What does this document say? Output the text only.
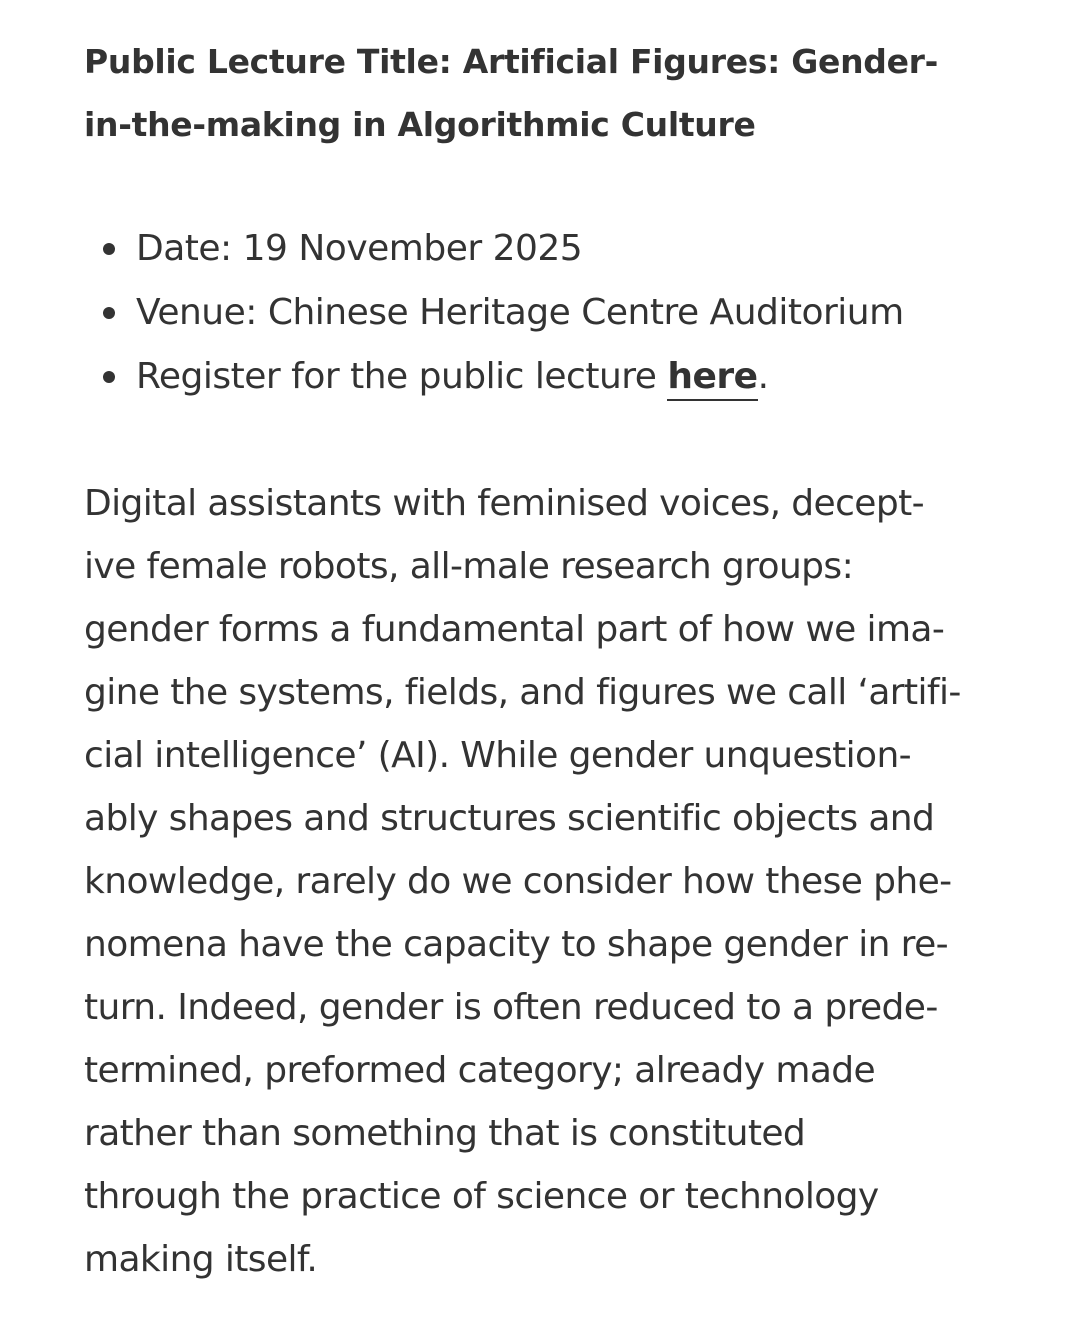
Public Lecture Title: Artificial Figures: Gender-
in-the-making in Algorithmic Culture
Date: 19 November 2025
Venue: Chinese Heritage Centre Auditorium
Register for the public lecture here.
Digital assistants with feminised voices, decept-
ive female robots, all-male research groups:
gender forms a fundamental part of how we ima-
gine the systems, fields, and figures we call ‘artifi-
cial intelligence’ (AI). While gender unquestion-
ably shapes and structures scientific objects and
knowledge, rarely do we consider how these phe-
nomena have the capacity to shape gender in re-
turn. Indeed, gender is often reduced to a prede-
termined, preformed category; already made
rather than something that is constituted
through the practice of science or technology
making itself.
